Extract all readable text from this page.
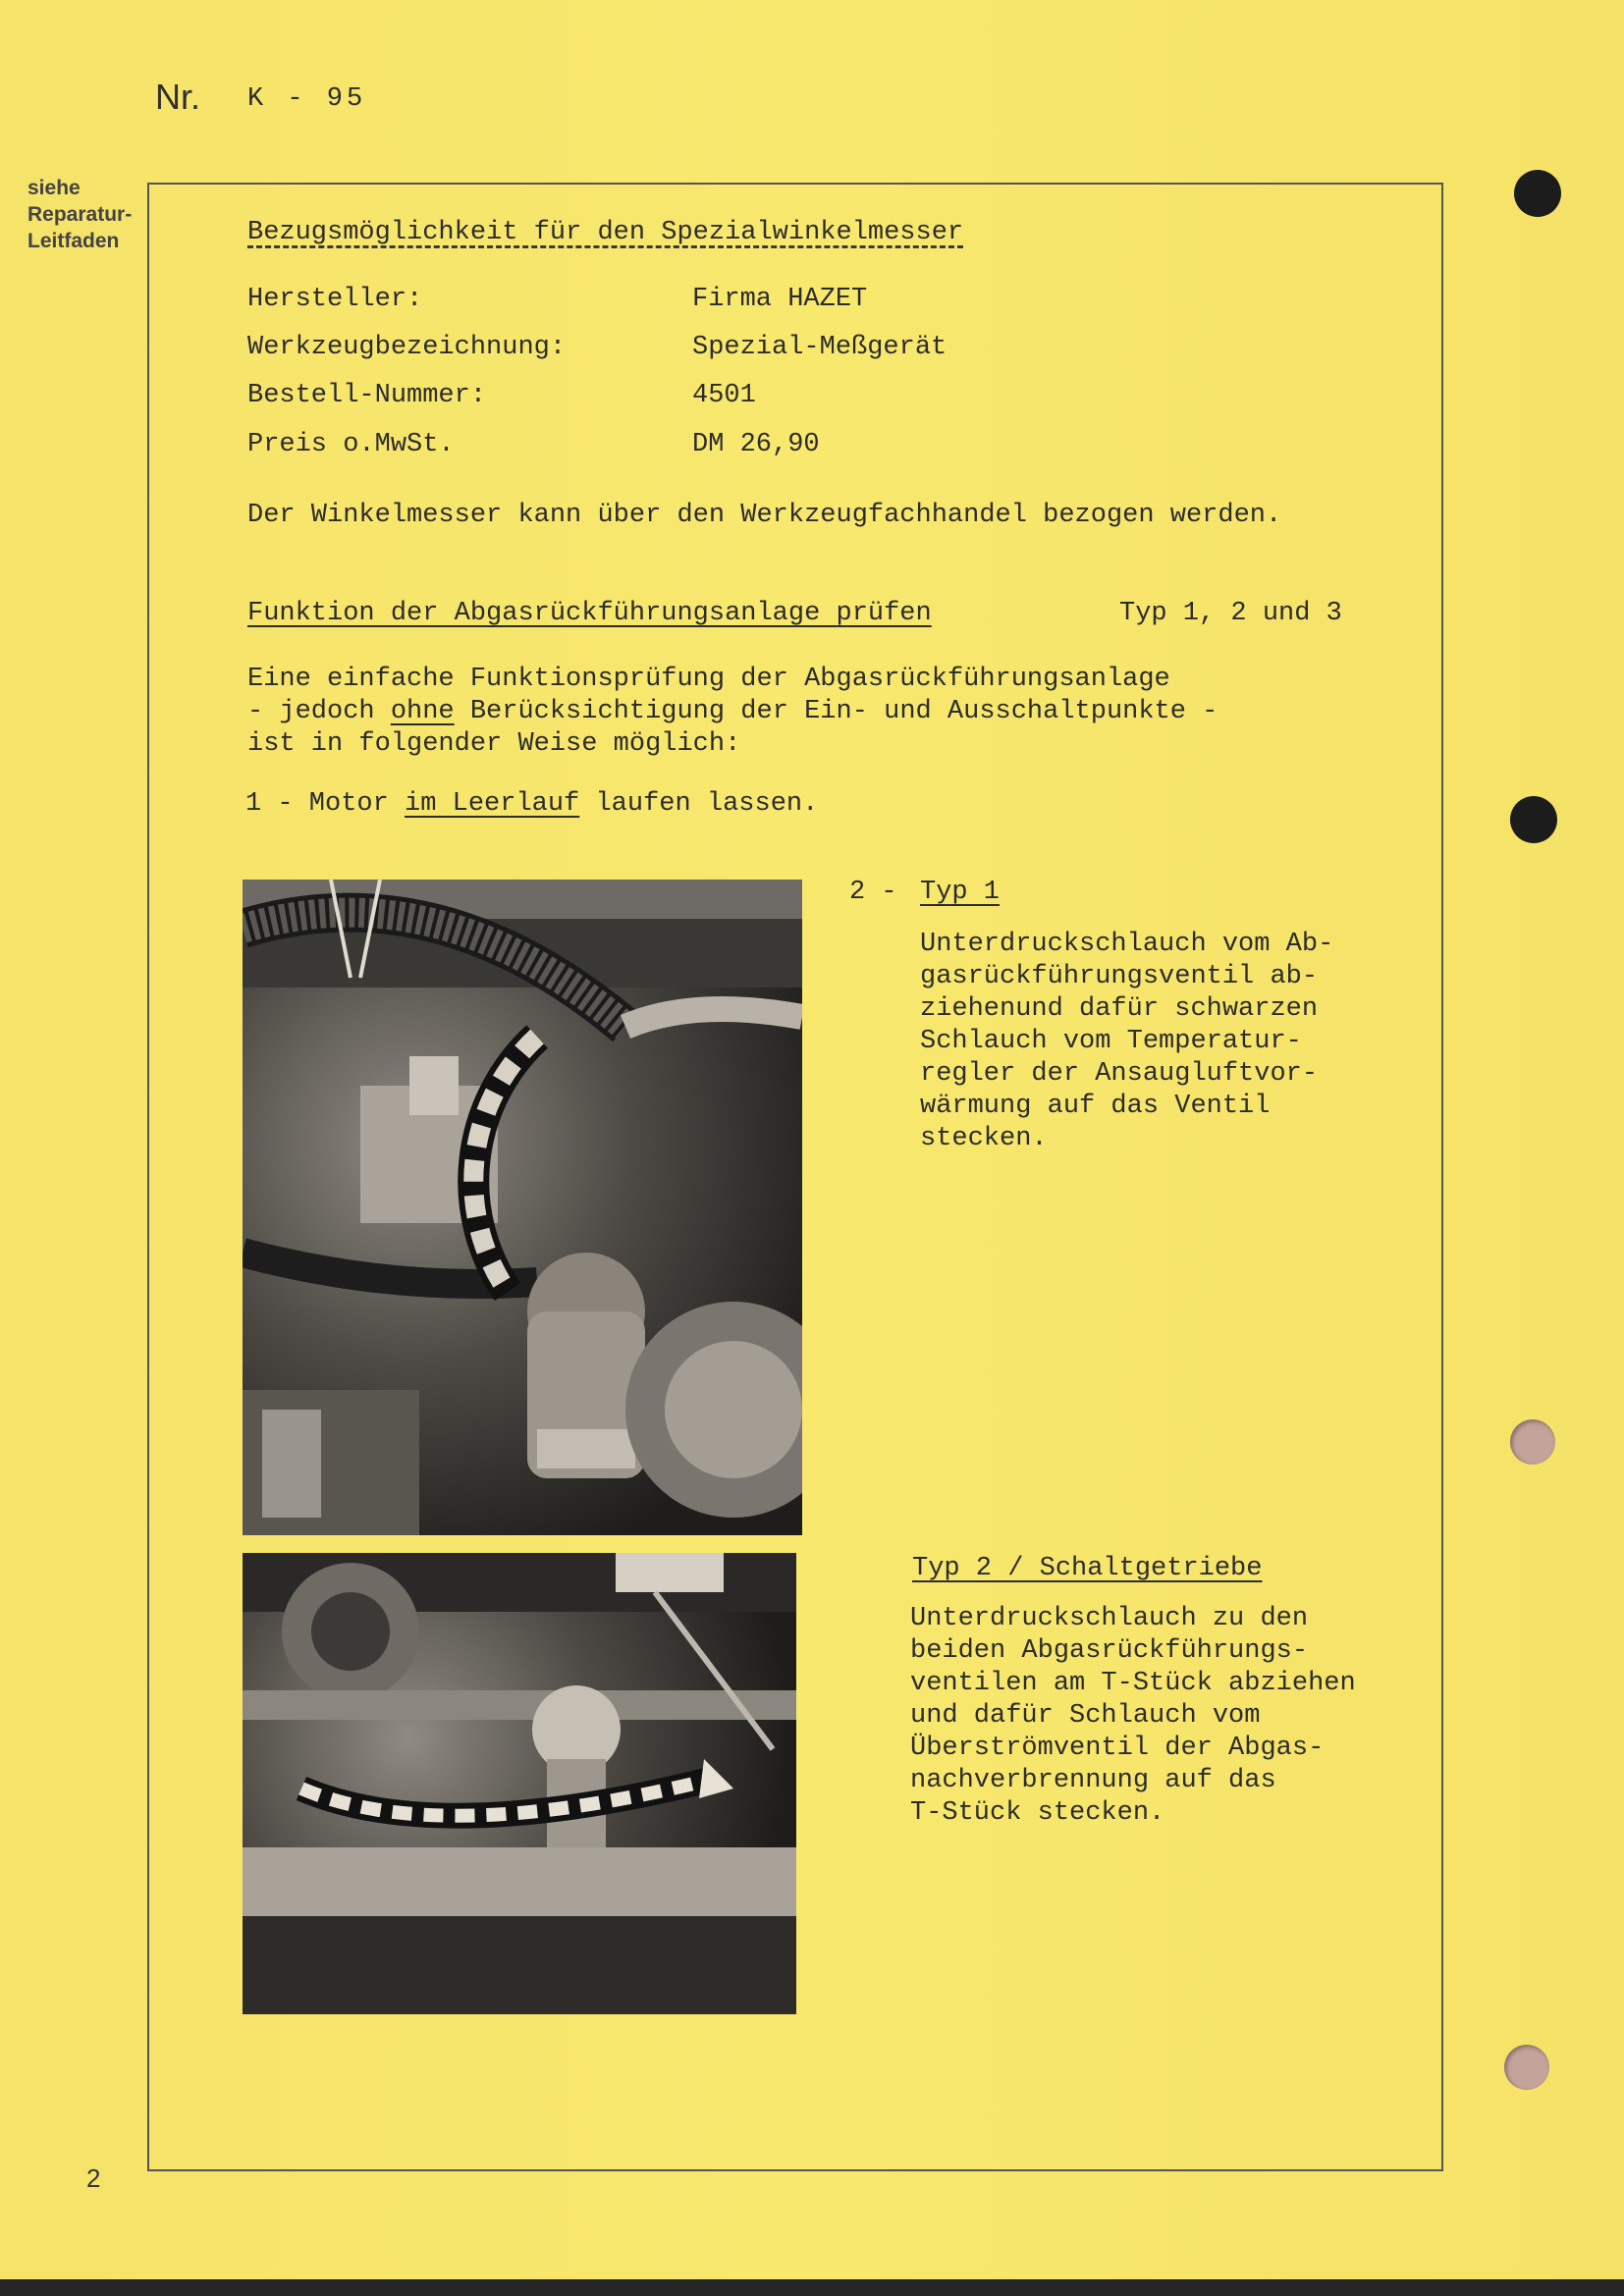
Nr. K - 95
siehe
Reparatur-
Leitfaden	Bezugsmöglichkeit für den Spezialwinkelmesser
Hersteller:	Firma HAZET
Werkzeugbezeichnung:	Spezial-Meßgerät
Bestell-Nummer:	4501
Preis o.MwSt.	DM 26,90
Der Winkelmesser kann über den Werkzeugfachhandel bezogen werden.
Funktion der Abgasrückführungsanlage prüfen	Typ 1, 2 und 3
Eine einfache Funktionsprüfung der Abgasrückführungsanlage
- jedoch ohne Berücksichtigung der Ein- und Ausschaltpunkte -
ist in folgender Weise möglich:
1 - Motor im Leerlauf laufen lassen.
2 - Typ 1
Unterdruckschlauch vom Ab-
gasrückführungsventil ab-
ziehenund dafür schwarzen
Schlauch vom Temperatur-
regler der Ansaugluftvor-
wärmung auf das Ventil
stecken.
Typ 2 / Schaltgetriebe
Unterdruckschlauch zu den
beiden Abgasrückführungs-
ventilen am T-Stück abziehen
und dafür Schlauch vom
Überströmventil der Abgas-
nachverbrennung auf das
T-Stück stecken.
2
